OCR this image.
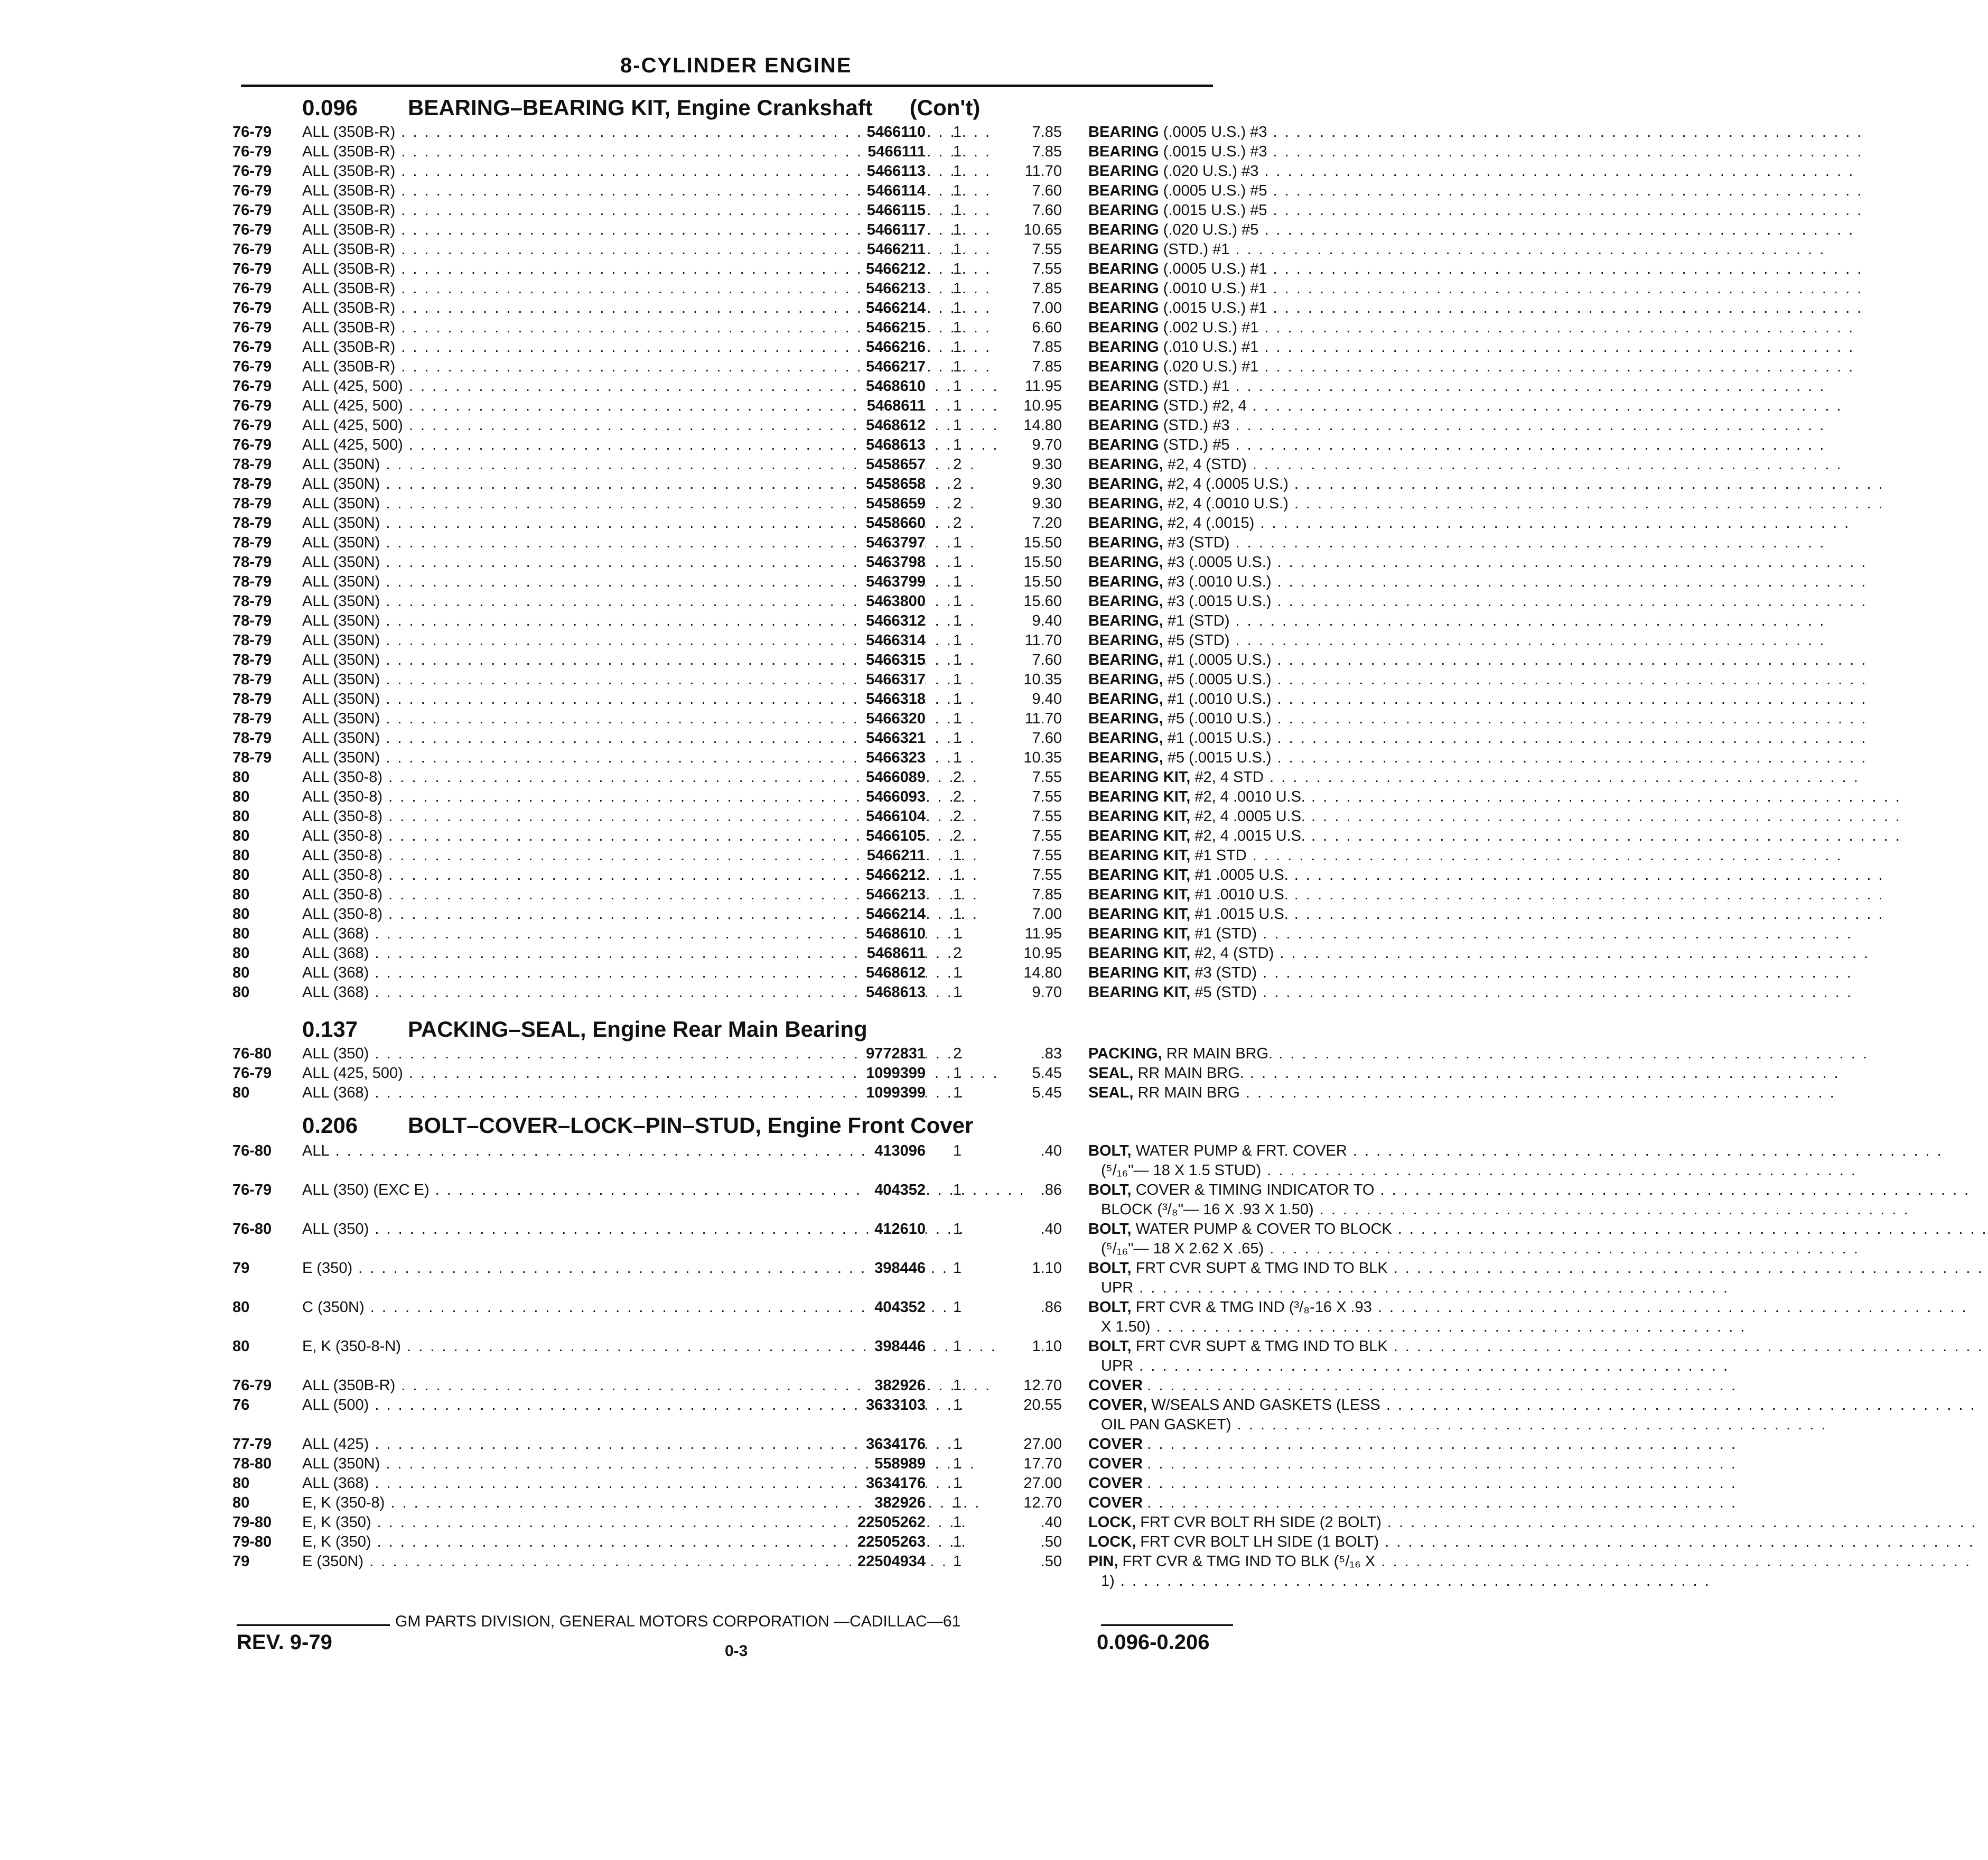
8-CYLINDER ENGINE
0.096 BEARING–BEARING KIT, Engine Crankshaft (Con't)
76-79	ALL (350B-R) . . .	5466110 1	7.85 BEARING (.0005 U.S.) #3 . . .
76-79	ALL (350B-R) . . .	5466111 1	7.85 BEARING (.0015 U.S.) #3 . . .
76-79	ALL (350B-R) . . .	5466113 1	11.70 BEARING (.020 U.S.) #3 . . .
76-79	ALL (350B-R) . . .	5466114 1	7.60 BEARING (.0005 U.S.) #5 . . .
76-79	ALL (350B-R) . . .	5466115 1	7.60 BEARING (.0015 U.S.) #5 . . .
76-79	ALL (350B-R) . . .	5466117 1	10.65 BEARING (.020 U.S.) #5 . . .
76-79	ALL (350B-R) . . .	5466211 1	7.55 BEARING (STD.) #1 . . .
76-79	ALL (350B-R) . . .	5466212 1	7.55 BEARING (.0005 U.S.) #1 . . .
76-79	ALL (350B-R) . . .	5466213 1	7.85 BEARING (.0010 U.S.) #1 . . .
76-79	ALL (350B-R) . . .	5466214 1	7.00 BEARING (.0015 U.S.) #1 . . .
76-79	ALL (350B-R) . . .	5466215 1	6.60 BEARING (.002 U.S.) #1 . . .
76-79	ALL (350B-R) . . .	5466216 1	7.85 BEARING (.010 U.S.) #1 . . .
76-79	ALL (350B-R) . . .	5466217 1	7.85 BEARING (.020 U.S.) #1 . . .
76-79	ALL (425, 500) . . .	5468610 1	11.95 BEARING (STD.) #1 . . .
76-79	ALL (425, 500) . . .	5468611 1	10.95 BEARING (STD.) #2, 4 . . .
76-79	ALL (425, 500) . . .	5468612 1	14.80 BEARING (STD.) #3 . . .
76-79	ALL (425, 500) . . .	5468613 1	9.70 BEARING (STD.) #5 . . .
78-79	ALL (350N) . . .	5458657 2	9.30 BEARING, #2, 4 (STD) . . .
78-79	ALL (350N) . . .	5458658 2	9.30 BEARING, #2, 4 (.0005 U.S.) . . .
78-79	ALL (350N) . . .	5458659 2	9.30 BEARING, #2, 4 (.0010 U.S.) . . .
78-79	ALL (350N) . . .	5458660 2	7.20 BEARING, #2, 4 (.0015) . . .
78-79	ALL (350N) . . .	5463797 1	15.50 BEARING, #3 (STD) . . .
78-79	ALL (350N) . . .	5463798 1	15.50 BEARING, #3 (.0005 U.S.) . . .
78-79	ALL (350N) . . .	5463799 1	15.50 BEARING, #3 (.0010 U.S.) . . .
78-79	ALL (350N) . . .	5463800 1	15.60 BEARING, #3 (.0015 U.S.) . . .
78-79	ALL (350N) . . .	5466312 1	9.40 BEARING, #1 (STD) . . .
78-79	ALL (350N) . . .	5466314 1	11.70 BEARING, #5 (STD) . . .
78-79	ALL (350N) . . .	5466315 1	7.60 BEARING, #1 (.0005 U.S.) . . .
78-79	ALL (350N) . . .	5466317 1	10.35 BEARING, #5 (.0005 U.S.) . . .
78-79	ALL (350N) . . .	5466318 1	9.40 BEARING, #1 (.0010 U.S.) . . .
78-79	ALL (350N) . . .	5466320 1	11.70 BEARING, #5 (.0010 U.S.) . . .
78-79	ALL (350N) . . .	5466321 1	7.60 BEARING, #1 (.0015 U.S.) . . .
78-79	ALL (350N) . . .	5466323 1	10.35 BEARING, #5 (.0015 U.S.) . . .
80	ALL (350-8) . . .	5466089 2	7.55 BEARING KIT, #2, 4 STD . . .
80	ALL (350-8) . . .	5466093 2	7.55 BEARING KIT, #2, 4 .0010 U.S. . . .
80	ALL (350-8) . . .	5466104 2	7.55 BEARING KIT, #2, 4 .0005 U.S. . . .
80	ALL (350-8) . . .	5466105 2	7.55 BEARING KIT, #2, 4 .0015 U.S. . . .
80	ALL (350-8) . . .	5466211 1	7.55 BEARING KIT, #1 STD . . .
80	ALL (350-8) . . .	5466212 1	7.55 BEARING KIT, #1 .0005 U.S. . . .
80	ALL (350-8) . . .	5466213 1	7.85 BEARING KIT, #1 .0010 U.S. . . .
80	ALL (350-8) . . .	5466214 1	7.00 BEARING KIT, #1 .0015 U.S. . . .
80	ALL (368) . . .	5468610 1	11.95 BEARING KIT, #1 (STD) . . .
80	ALL (368) . . .	5468611 2	10.95 BEARING KIT, #2, 4 (STD) . . .
80	ALL (368) . . .	5468612 1	14.80 BEARING KIT, #3 (STD) . . .
80	ALL (368) . . .	5468613 1	9.70 BEARING KIT, #5 (STD) . . .
0.137 PACKING–SEAL, Engine Rear Main Bearing
76-80	ALL (350) . . .	9772831 2	.83 PACKING, RR MAIN BRG. . . .
76-79	ALL (425, 500) . . .	1099399 1	5.45 SEAL, RR MAIN BRG. . . .
80	ALL (368) . . .	1099399 1	5.45 SEAL, RR MAIN BRG . . .
0.206 BOLT–COVER–LOCK–PIN–STUD, Engine Front Cover
76-80	ALL . . .	413096 1	.40 BOLT, WATER PUMP & FRT. COVER . . .
(⁵/₁₆"— 18 X 1.5 STUD) . . .
76-79	ALL (350) (EXC E) . . .	404352 1	.86 BOLT, COVER & TIMING INDICATOR TO . . .
BLOCK (³/₈"— 16 X .93 X 1.50) . . .
76-80	ALL (350) . . .	412610 1	.40 BOLT, WATER PUMP & COVER TO BLOCK . . .
(⁵/₁₆"— 18 X 2.62 X .65) . . .
79	E (350) . . .	398446 1	1.10 BOLT, FRT CVR SUPT & TMG IND TO BLK . . .
UPR . . .
80	C (350N) . . .	404352 1	.86 BOLT, FRT CVR & TMG IND (³/₈-16 X .93 . . .
X 1.50) . . .
80	E, K (350-8-N) . . .	398446 1	1.10 BOLT, FRT CVR SUPT & TMG IND TO BLK . . .
UPR . . .
76-79	ALL (350B-R) . . .	382926 1	12.70 COVER . . .
76	ALL (500) . . .	3633103 1	20.55 COVER, W/SEALS AND GASKETS (LESS . . .
OIL PAN GASKET) . . .
77-79	ALL (425) . . .	3634176 1	27.00 COVER . . .
78-80	ALL (350N) . . .	558989 1	17.70 COVER . . .
80	ALL (368) . . .	3634176 1	27.00 COVER . . .
80	E, K (350-8) . . .	382926 1	12.70 COVER . . .
79-80	E, K (350) . . .	22505262 1	.40 LOCK, FRT CVR BOLT RH SIDE (2 BOLT) . . .
79-80	E, K (350) . . .	22505263 1	.50 LOCK, FRT CVR BOLT LH SIDE (1 BOLT) . . .
79	E (350N) . . .	22504934 1	.50 PIN, FRT CVR & TMG IND TO BLK (⁵/₁₆ X . . .
1) . . .
GM PARTS DIVISION, GENERAL MOTORS CORPORATION —CADILLAC—61
REV. 9-79	0-3	0.096-0.206
